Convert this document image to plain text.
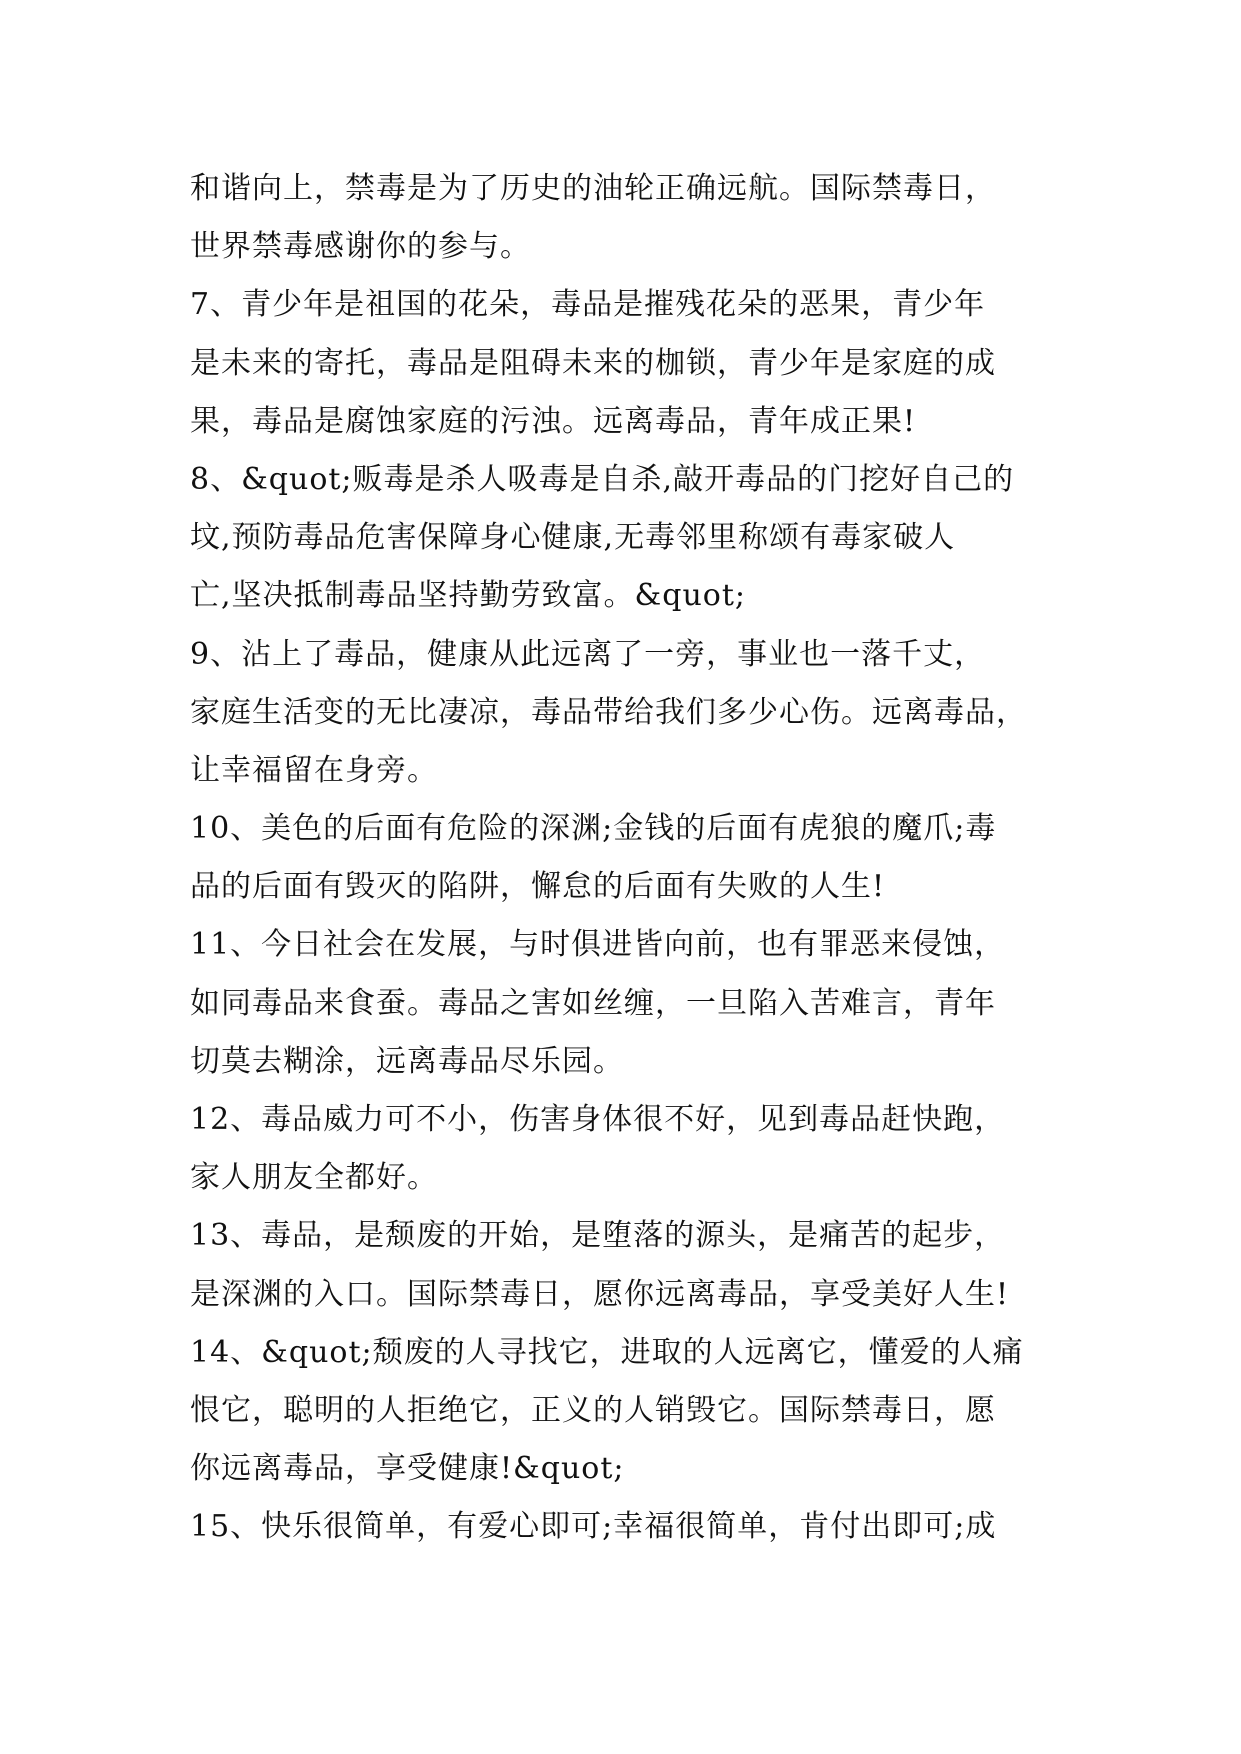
和谐向上，禁毒是为了历史的油轮正确远航。国际禁毒日，
世界禁毒感谢你的参与。

7、青少年是祖国的花朵，毒品是摧残花朵的恶果，青少年
是未来的寄托，毒品是阻碍未来的枷锁，青少年是家庭的成
果，毒品是腐蚀家庭的污浊。远离毒品，青年成正果!

8、&quot;贩毒是杀人吸毒是自杀,敲开毒品的门挖好自己的
坟,预防毒品危害保障身心健康,无毒邻里称颂有毒家破人
亡,坚决抵制毒品坚持勤劳致富。&quot;

9、沾上了毒品，健康从此远离了一旁，事业也一落千丈，
家庭生活变的无比凄凉，毒品带给我们多少心伤。远离毒品，
让幸福留在身旁。

10、美色的后面有危险的深渊;金钱的后面有虎狼的魔爪;毒
品的后面有毁灭的陷阱，懈怠的后面有失败的人生!

11、今日社会在发展，与时俱进皆向前，也有罪恶来侵蚀，
如同毒品来食蚕。毒品之害如丝缠，一旦陷入苦难言，青年
切莫去糊涂，远离毒品尽乐园。

12、毒品威力可不小，伤害身体很不好，见到毒品赶快跑，
家人朋友全都好。

13、毒品，是颓废的开始，是堕落的源头，是痛苦的起步，
是深渊的入口。国际禁毒日，愿你远离毒品，享受美好人生!

14、&quot;颓废的人寻找它，进取的人远离它，懂爱的人痛
恨它，聪明的人拒绝它，正义的人销毁它。国际禁毒日，愿
你远离毒品，享受健康!&quot;

15、快乐很简单，有爱心即可;幸福很简单，肯付出即可;成
